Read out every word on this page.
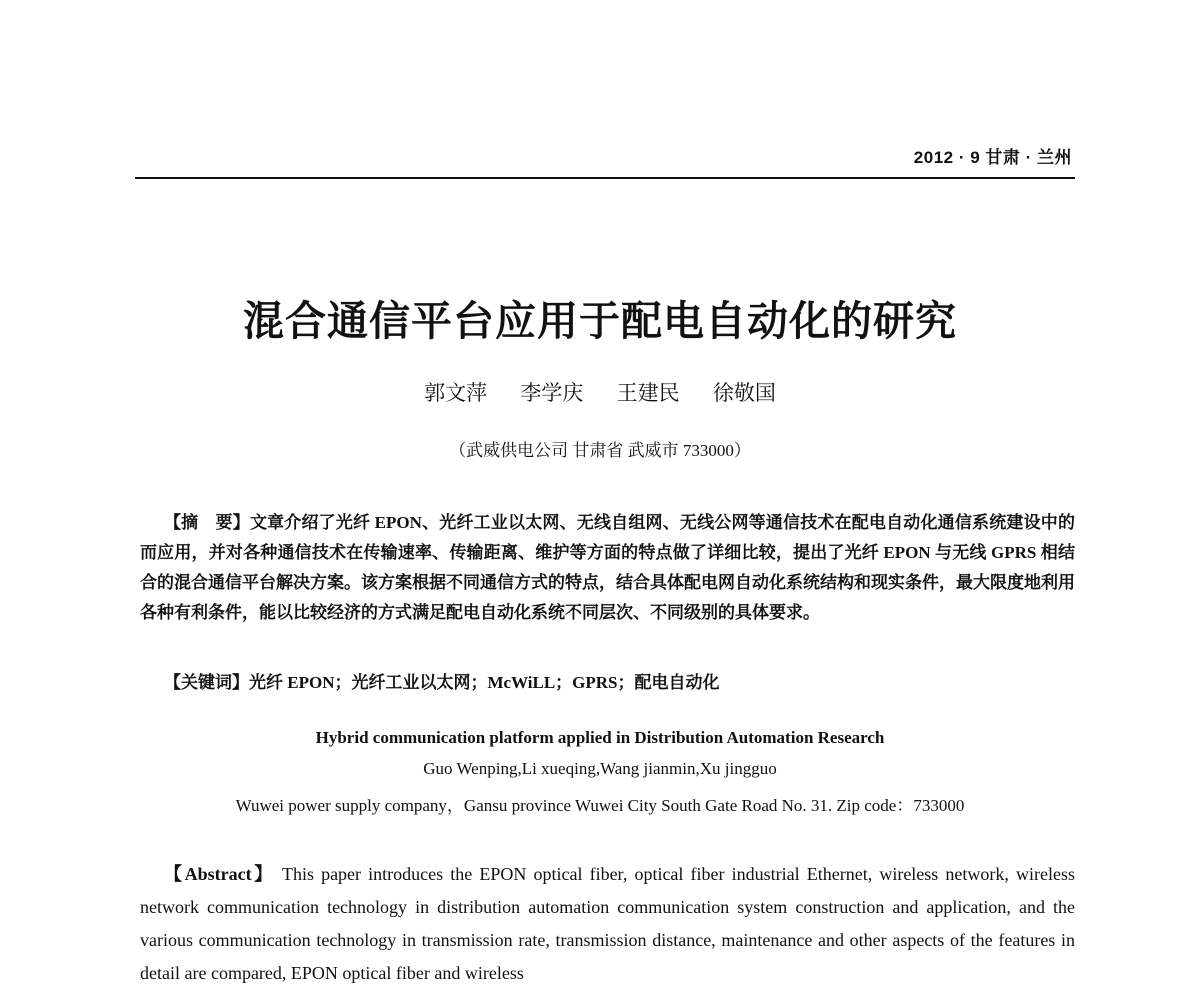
2012 · 9 甘肃 · 兰州
混合通信平台应用于配电自动化的研究
郭文萍 李学庆 王建民 徐敬国
（武威供电公司 甘肃省 武威市 733000）
【摘　要】文章介绍了光纤 EPON、光纤工业以太网、无线自组网、无线公网等通信技术在配电自动化通信系统建设中的而应用，并对各种通信技术在传输速率、传输距离、维护等方面的特点做了详细比较，提出了光纤 EPON 与无线 GPRS 相结合的混合通信平台解决方案。该方案根据不同通信方式的特点，结合具体配电网自动化系统结构和现实条件，最大限度地利用各种有利条件，能以比较经济的方式满足配电自动化系统不同层次、不同级别的具体要求。
【关键词】光纤 EPON；光纤工业以太网；McWiLL；GPRS；配电自动化
Hybrid communication platform applied in Distribution Automation Research
Guo Wenping,Li xueqing,Wang jianmin,Xu jingguo
Wuwei power supply company，Gansu province Wuwei City South Gate Road No. 31. Zip code：733000
【Abstract】 This paper introduces the EPON optical fiber, optical fiber industrial Ethernet, wireless network, wireless network communication technology in distribution automation communication system construction and application, and the various communication technology in transmission rate, transmission distance, maintenance and other aspects of the features in detail are compared, EPON optical fiber and wireless
